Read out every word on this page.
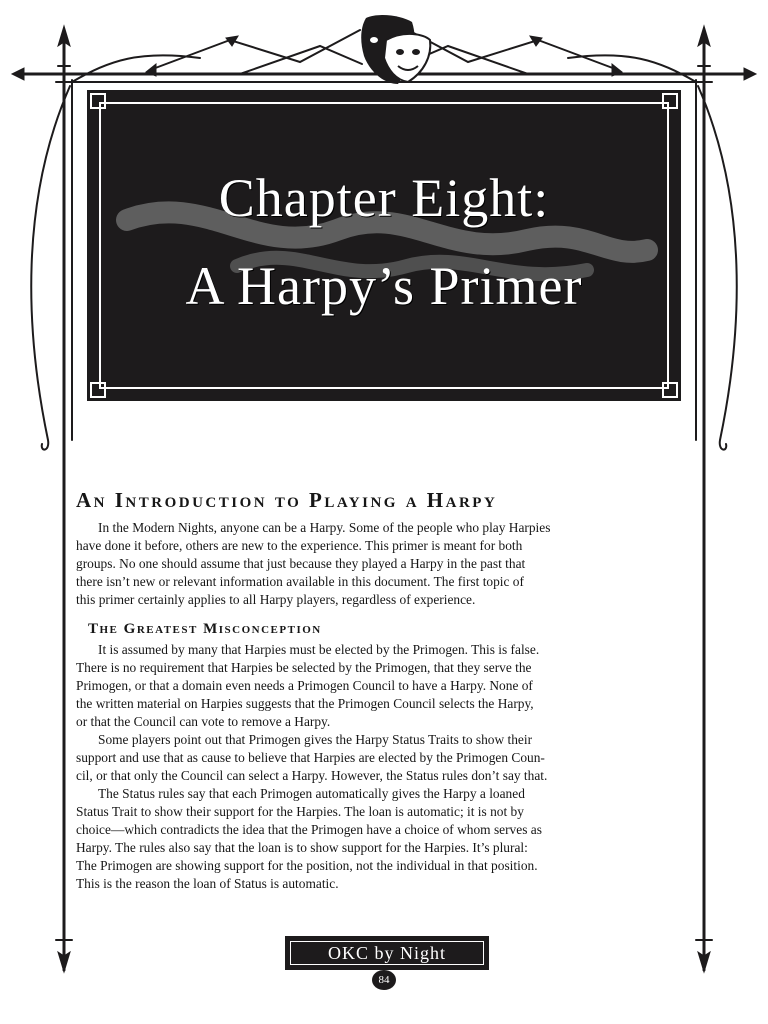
Chapter Eight:
A Harpy’s Primer
An Introduction to Playing a Harpy
In the Modern Nights, anyone can be a Harpy. Some of the people who play Harpies
have done it before, others are new to the experience. This primer is meant for both
groups. No one should assume that just because they played a Harpy in the past that
there isn’t new or relevant information available in this document. The first topic of
this primer certainly applies to all Harpy players, regardless of experience.
The Greatest Misconception
It is assumed by many that Harpies must be elected by the Primogen. This is false.
There is no requirement that Harpies be selected by the Primogen, that they serve the
Primogen, or that a domain even needs a Primogen Council to have a Harpy. None of
the written material on Harpies suggests that the Primogen Council selects the Harpy,
or that the Council can vote to remove a Harpy.
Some players point out that Primogen gives the Harpy Status Traits to show their
support and use that as cause to believe that Harpies are elected by the Primogen Coun-
cil, or that only the Council can select a Harpy. However, the Status rules don’t say that.
The Status rules say that each Primogen automatically gives the Harpy a loaned
Status Trait to show their support for the Harpies. The loan is automatic; it is not by
choice—which contradicts the idea that the Primogen have a choice of whom serves as
Harpy. The rules also say that the loan is to show support for the Harpies. It’s plural:
The Primogen are showing support for the position, not the individual in that position.
This is the reason the loan of Status is automatic.
OKC by Night
84
